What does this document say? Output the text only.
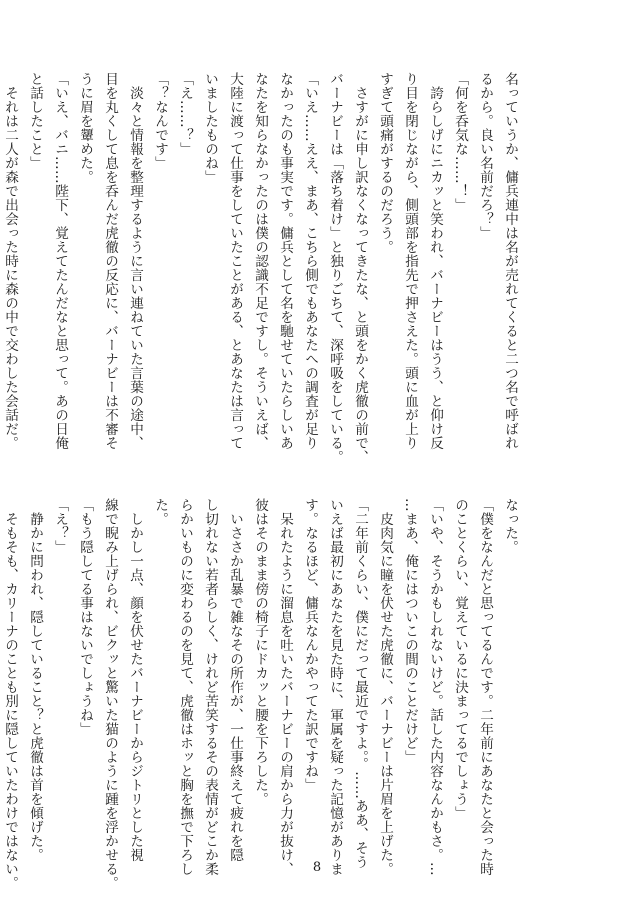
名っていうか、傭兵連中は名が売れてくると二つ名で呼ばれ
るから。良い名前だろ？」
「何を呑気な……！」
　誇らしげにニカッと笑われ、バーナビーはうう、と仰け反
り目を閉じながら、側頭部を指先で押さえた。頭に血が上り
すぎて頭痛がするのだろう。
　さすがに申し訳なくなってきたな、と頭をかく虎徹の前で、
バーナビーは「落ち着け」と独りごちて、深呼吸をしている。
「いえ……ええ、まあ、こちら側でもあなたへの調査が足り
なかったのも事実です。傭兵として名を馳せていたらしいあ
なたを知らなかったのは僕の認識不足ですし。そういえば、
大陸に渡って仕事をしていたことがある、とあなたは言って
いましたものね」
「え……？」
「？なんです」
　淡々と情報を整理するように言い連ねていた言葉の途中、
目を丸くして息を呑んだ虎徹の反応に、バーナビーは不審そ
うに眉を顰めた。
「いえ、バニ……陛下、覚えてたんだなと思って。あの日俺
と話したこと」
　それは二人が森で出会った時に森の中で交わした会話だ。
なった。
「僕をなんだと思ってるんです。二年前にあなたと会った時
のことくらい、覚えているに決まってるでしょう」
「いや、そうかもしれないけど。話した内容なんかもさ。…
…まあ、俺にはついこの間のことだけど」
　皮肉気に瞳を伏せた虎徹に、バーナビーは片眉を上げた。
「二年前くらい、僕にだって最近ですよ。。……ああ、そう
いえば最初にあなたを見た時に、軍属を疑った記憶がありま
す。なるほど、傭兵なんかやってた訳ですね」
　呆れたように溜息を吐いたバーナビーの肩から力が抜け、
彼はそのまま傍の椅子にドカッと腰を下ろした。
　いささか乱暴で雑なその所作が、一仕事終えて疲れを隠
し切れない若者らしく、けれど苦笑するその表情がどこか柔
らかいものに変わるのを見て、虎徹はホッと胸を撫で下ろし
た。
　しかし一点、顔を伏せたバーナビーからジトリとした視
線で睨み上げられ、ビクッと驚いた猫のように踵を浮かせる。
「もう隠してる事はないでしょうね」
「え？」
　静かに問われ、隠していること？と虎徹は首を傾げた。
　そもそも、カリーナのことも別に隠していたわけではない。	8
